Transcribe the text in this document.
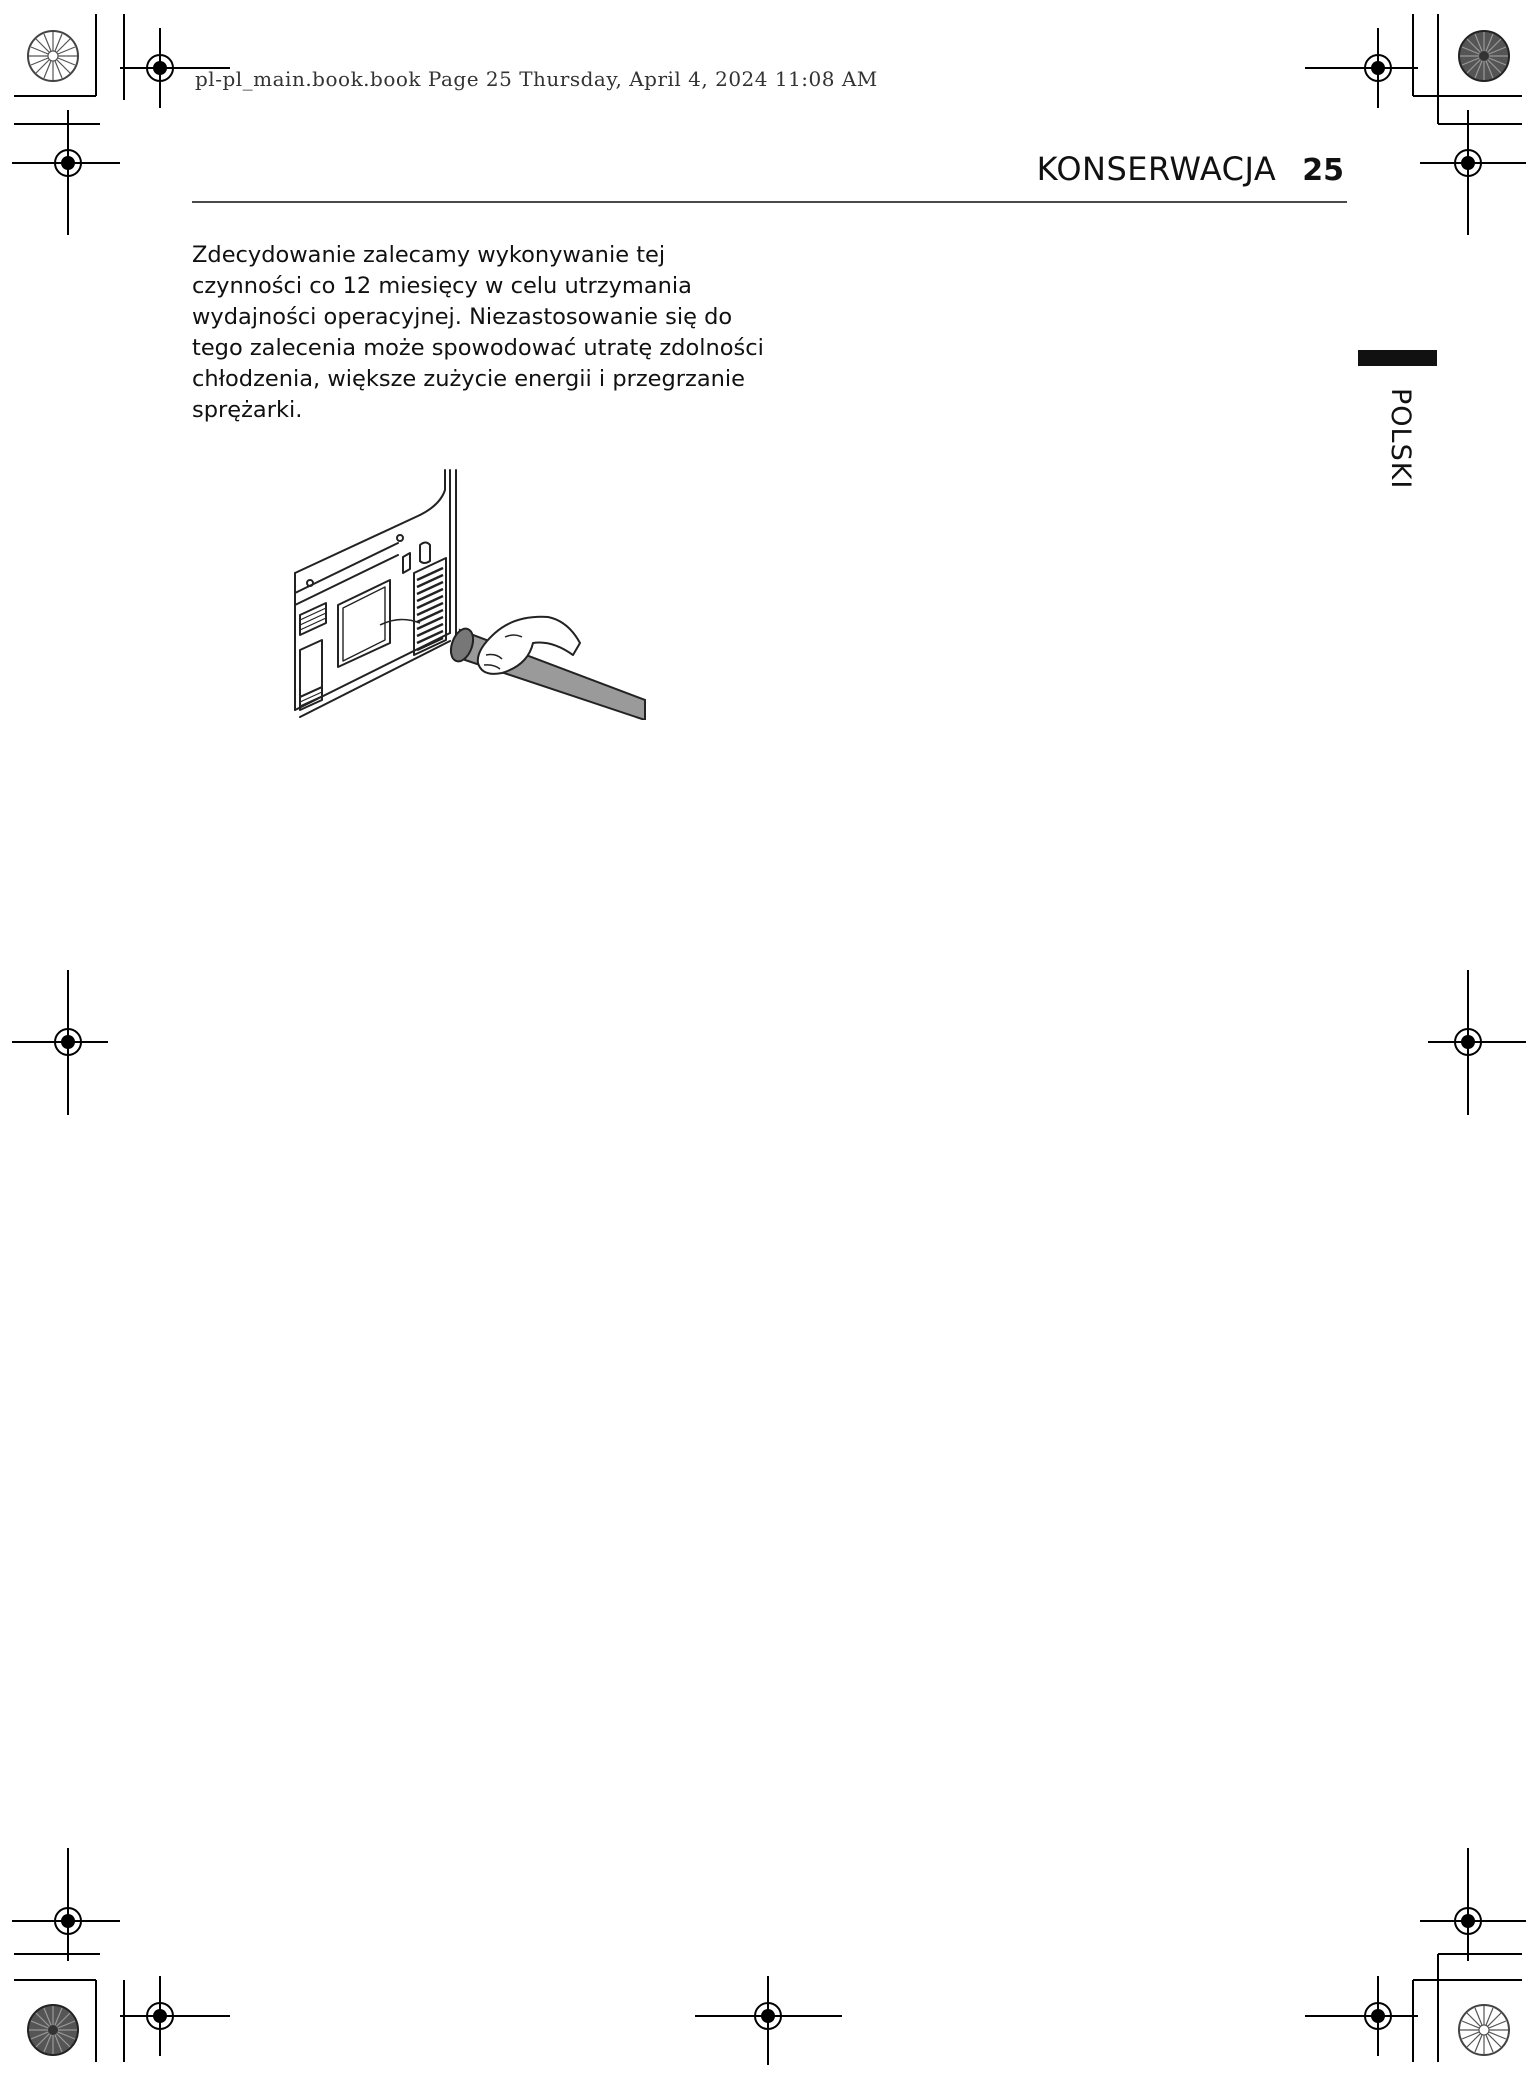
pl-pl_main.book.book Page 25 Thursday, April 4, 2024 11:08 AM
KONSERWACJA 25
Zdecydowanie zalecamy wykonywanie tej
czynności co 12 miesięcy w celu utrzymania
wydajności operacyjnej. Niezastosowanie się do
tego zalecenia może spowodować utratę zdolności
chłodzenia, większe zużycie energii i przegrzanie
sprężarki.	POLSKI
